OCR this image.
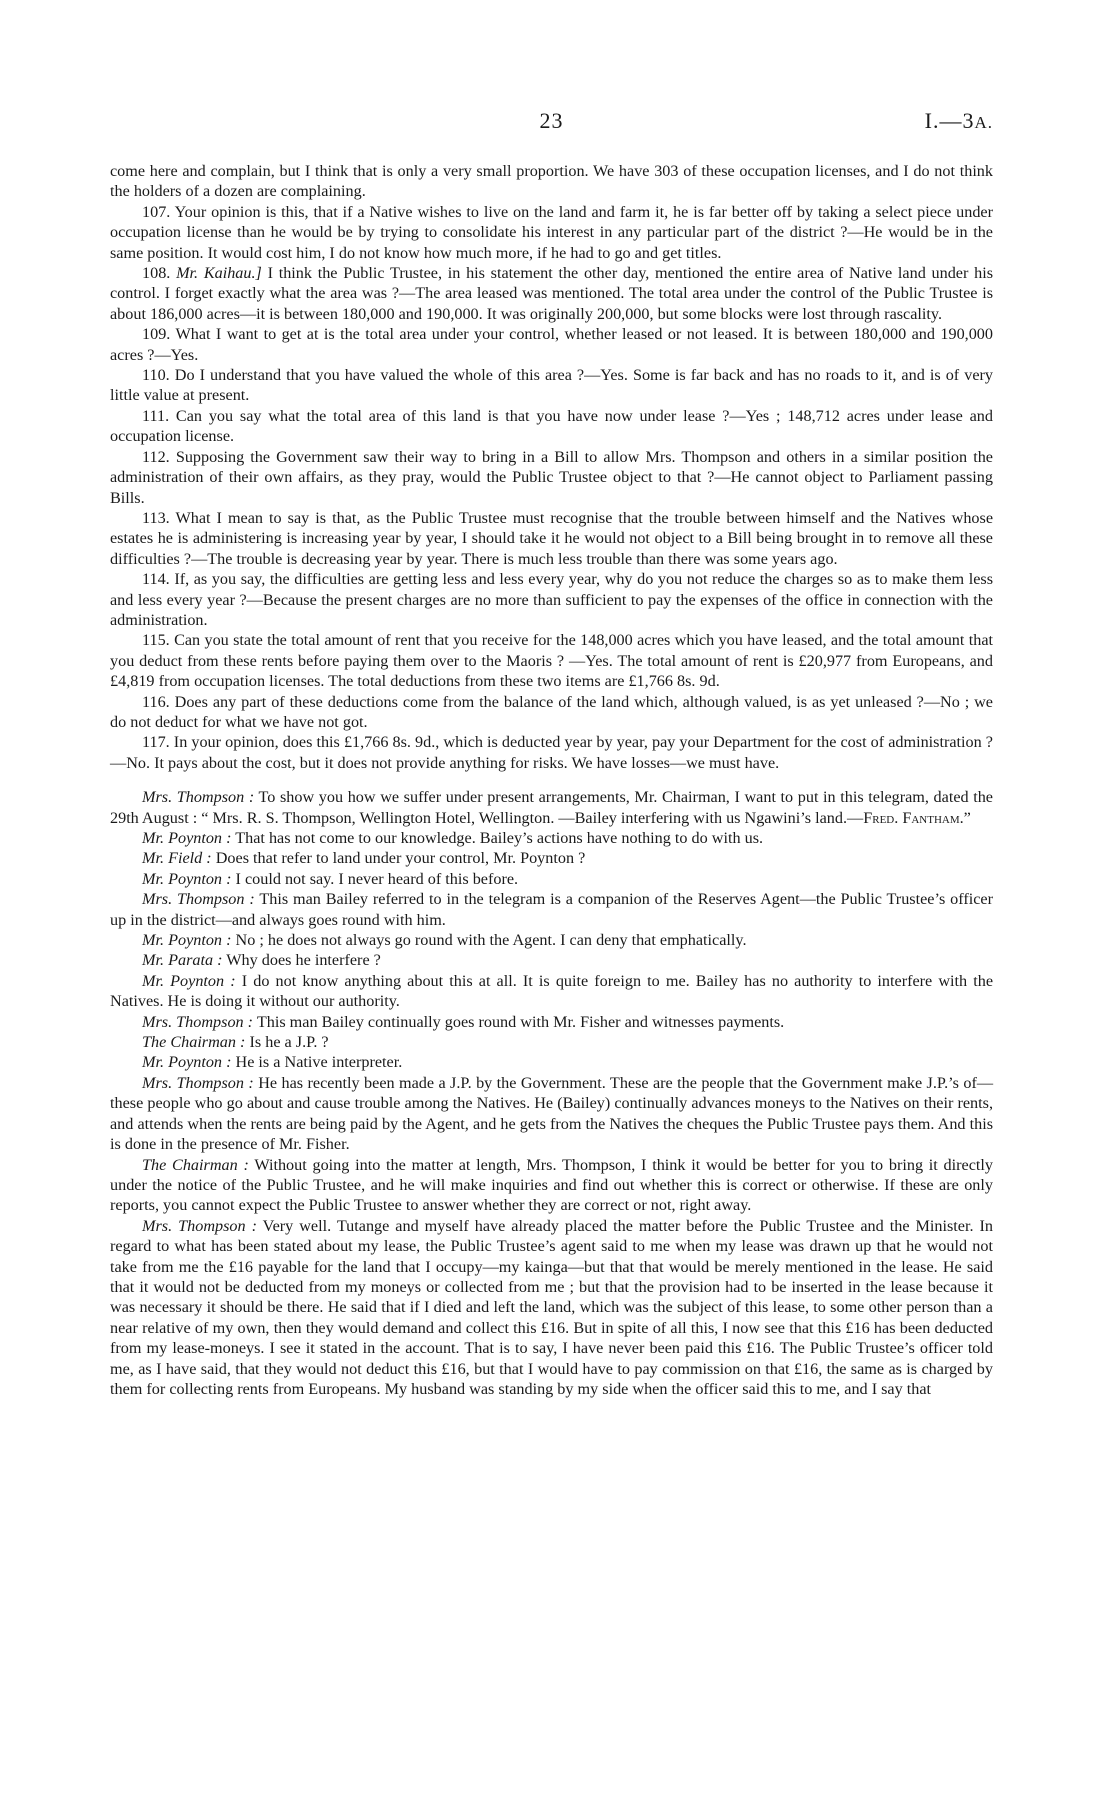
23	I.—3A.

come here and complain, but I think that is only a very small proportion. We have 303 of these occupation licenses, and I do not think the holders of a dozen are complaining.

107. Your opinion is this, that if a Native wishes to live on the land and farm it, he is far better off by taking a select piece under occupation license than he would be by trying to consolidate his interest in any particular part of the district ?—He would be in the same position. It would cost him, I do not know how much more, if he had to go and get titles.

108. Mr. Kaihau.] I think the Public Trustee, in his statement the other day, mentioned the entire area of Native land under his control. I forget exactly what the area was ?—The area leased was mentioned. The total area under the control of the Public Trustee is about 186,000 acres—it is between 180,000 and 190,000. It was originally 200,000, but some blocks were lost through rascality.

109. What I want to get at is the total area under your control, whether leased or not leased. It is between 180,000 and 190,000 acres ?—Yes.

110. Do I understand that you have valued the whole of this area ?—Yes. Some is far back and has no roads to it, and is of very little value at present.

111. Can you say what the total area of this land is that you have now under lease ?—Yes ; 148,712 acres under lease and occupation license.

112. Supposing the Government saw their way to bring in a Bill to allow Mrs. Thompson and others in a similar position the administration of their own affairs, as they pray, would the Public Trustee object to that ?—He cannot object to Parliament passing Bills.

113. What I mean to say is that, as the Public Trustee must recognise that the trouble between himself and the Natives whose estates he is administering is increasing year by year, I should take it he would not object to a Bill being brought in to remove all these difficulties ?—The trouble is decreasing year by year. There is much less trouble than there was some years ago.

114. If, as you say, the difficulties are getting less and less every year, why do you not reduce the charges so as to make them less and less every year ?—Because the present charges are no more than sufficient to pay the expenses of the office in connection with the administration.

115. Can you state the total amount of rent that you receive for the 148,000 acres which you have leased, and the total amount that you deduct from these rents before paying them over to the Maoris ? —Yes. The total amount of rent is £20,977 from Europeans, and £4,819 from occupation licenses. The total deductions from these two items are £1,766 8s. 9d.

116. Does any part of these deductions come from the balance of the land which, although valued, is as yet unleased ?—No ; we do not deduct for what we have not got.

117. In your opinion, does this £1,766 8s. 9d., which is deducted year by year, pay your Department for the cost of administration ?—No. It pays about the cost, but it does not provide anything for risks. We have losses—we must have.

Mrs. Thompson : To show you how we suffer under present arrangements, Mr. Chairman, I want to put in this telegram, dated the 29th August : “ Mrs. R. S. Thompson, Wellington Hotel, Wellington. —Bailey interfering with us Ngawini’s land.—Fred. Fantham.”

Mr. Poynton : That has not come to our knowledge. Bailey’s actions have nothing to do with us.

Mr. Field : Does that refer to land under your control, Mr. Poynton ?

Mr. Poynton : I could not say. I never heard of this before.

Mrs. Thompson : This man Bailey referred to in the telegram is a companion of the Reserves Agent—the Public Trustee’s officer up in the district—and always goes round with him.

Mr. Poynton : No ; he does not always go round with the Agent. I can deny that emphatically.

Mr. Parata : Why does he interfere ?

Mr. Poynton : I do not know anything about this at all. It is quite foreign to me. Bailey has no authority to interfere with the Natives. He is doing it without our authority.

Mrs. Thompson : This man Bailey continually goes round with Mr. Fisher and witnesses payments.

The Chairman : Is he a J.P. ?

Mr. Poynton : He is a Native interpreter.

Mrs. Thompson : He has recently been made a J.P. by the Government. These are the people that the Government make J.P.’s of—these people who go about and cause trouble among the Natives. He (Bailey) continually advances moneys to the Natives on their rents, and attends when the rents are being paid by the Agent, and he gets from the Natives the cheques the Public Trustee pays them. And this is done in the presence of Mr. Fisher.

The Chairman : Without going into the matter at length, Mrs. Thompson, I think it would be better for you to bring it directly under the notice of the Public Trustee, and he will make inquiries and find out whether this is correct or otherwise. If these are only reports, you cannot expect the Public Trustee to answer whether they are correct or not, right away.

Mrs. Thompson : Very well. Tutange and myself have already placed the matter before the Public Trustee and the Minister. In regard to what has been stated about my lease, the Public Trustee’s agent said to me when my lease was drawn up that he would not take from me the £16 payable for the land that I occupy—my kainga—but that that would be merely mentioned in the lease. He said that it would not be deducted from my moneys or collected from me ; but that the provision had to be inserted in the lease because it was necessary it should be there. He said that if I died and left the land, which was the subject of this lease, to some other person than a near relative of my own, then they would demand and collect this £16. But in spite of all this, I now see that this £16 has been deducted from my lease-moneys. I see it stated in the account. That is to say, I have never been paid this £16. The Public Trustee’s officer told me, as I have said, that they would not deduct this £16, but that I would have to pay commission on that £16, the same as is charged by them for collecting rents from Europeans. My husband was standing by my side when the officer said this to me, and I say that
